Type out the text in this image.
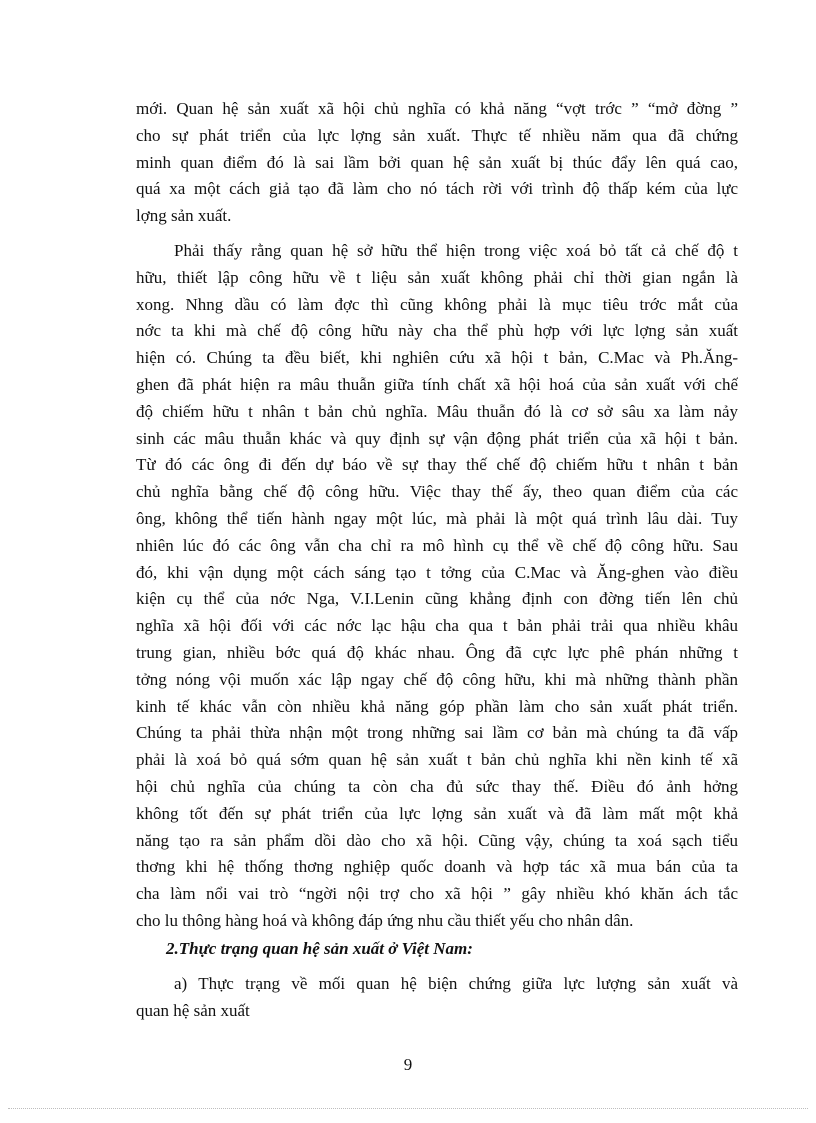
mới. Quan hệ sản xuất xã hội chủ nghĩa có khả năng “vợt trớc ” “mở đờng ”
cho sự phát triển của lực lợng sản xuất. Thực tế nhiều năm qua đã chứng
minh quan điểm đó là sai lầm bởi quan hệ sản xuất bị thúc đẩy lên quá cao,
quá xa một cách giả tạo đã làm cho nó tách rời với trình độ thấp kém của lực
lợng sản xuất.
Phải thấy rằng quan hệ sở hữu thể hiện trong việc xoá bỏ tất cả chế độ t
hữu, thiết lập công hữu về t liệu sản xuất không phải chỉ thời gian ngắn là
xong. Nhng dầu có làm đợc thì cũng không phải là mục tiêu trớc mắt của
nớc ta khi mà chế độ công hữu này cha thể phù hợp với lực lợng sản xuất
hiện có. Chúng ta đều biết, khi nghiên cứu xã hội t bản, C.Mac và Ph.Ăng-
ghen đã phát hiện ra mâu thuẫn giữa tính chất xã hội hoá của sản xuất với chế
độ chiếm hữu t nhân t bản chủ nghĩa. Mâu thuẫn đó là cơ sở sâu xa làm nảy
sinh các mâu thuẫn khác và quy định sự vận động phát triển của xã hội t bản.
Từ đó các ông đi đến dự báo về sự thay thế chế độ chiếm hữu t nhân t bản
chủ nghĩa bằng chế độ công hữu. Việc thay thế ấy, theo quan điểm của các
ông, không thể tiến hành ngay một lúc, mà phải là một quá trình lâu dài. Tuy
nhiên lúc đó các ông vẫn cha chỉ ra mô hình cụ thể về chế độ công hữu. Sau
đó, khi vận dụng một cách sáng tạo t tởng của C.Mac và Ăng-ghen vào điều
kiện cụ thể của nớc Nga, V.I.Lenin cũng khẳng định con đờng tiến lên chủ
nghĩa xã hội đối với các nớc lạc hậu cha qua t bản phải trải qua nhiều khâu
trung gian, nhiều bớc quá độ khác nhau. Ông đã cực lực phê phán những t
tởng nóng vội muốn xác lập ngay chế độ công hữu, khi mà những thành phần
kinh tế khác vẫn còn nhiều khả năng góp phần làm cho sản xuất phát triển.
Chúng ta phải thừa nhận một trong những sai lầm cơ bản mà chúng ta đã vấp
phải là xoá bỏ quá sớm quan hệ sản xuất t bản chủ nghĩa khi nền kinh tế xã
hội chủ nghĩa của chúng ta còn cha đủ sức thay thế. Điều đó ảnh hởng
không tốt đến sự phát triển của lực lợng sản xuất và đã làm mất một khả
năng tạo ra sản phẩm dồi dào cho xã hội. Cũng vậy, chúng ta xoá sạch tiểu
thơng khi hệ thống thơng nghiệp quốc doanh và hợp tác xã mua bán của ta
cha làm nổi vai trò “ngời nội trợ cho xã hội ” gây nhiều khó khăn ách tắc
cho lu thông hàng hoá và không đáp ứng nhu cầu thiết yếu cho nhân dân.
2.Thực trạng quan hệ sản xuất ở Việt Nam:
a) Thực trạng về mối quan hệ biện chứng giữa lực lượng sản xuất và
quan hệ sản xuất
9
